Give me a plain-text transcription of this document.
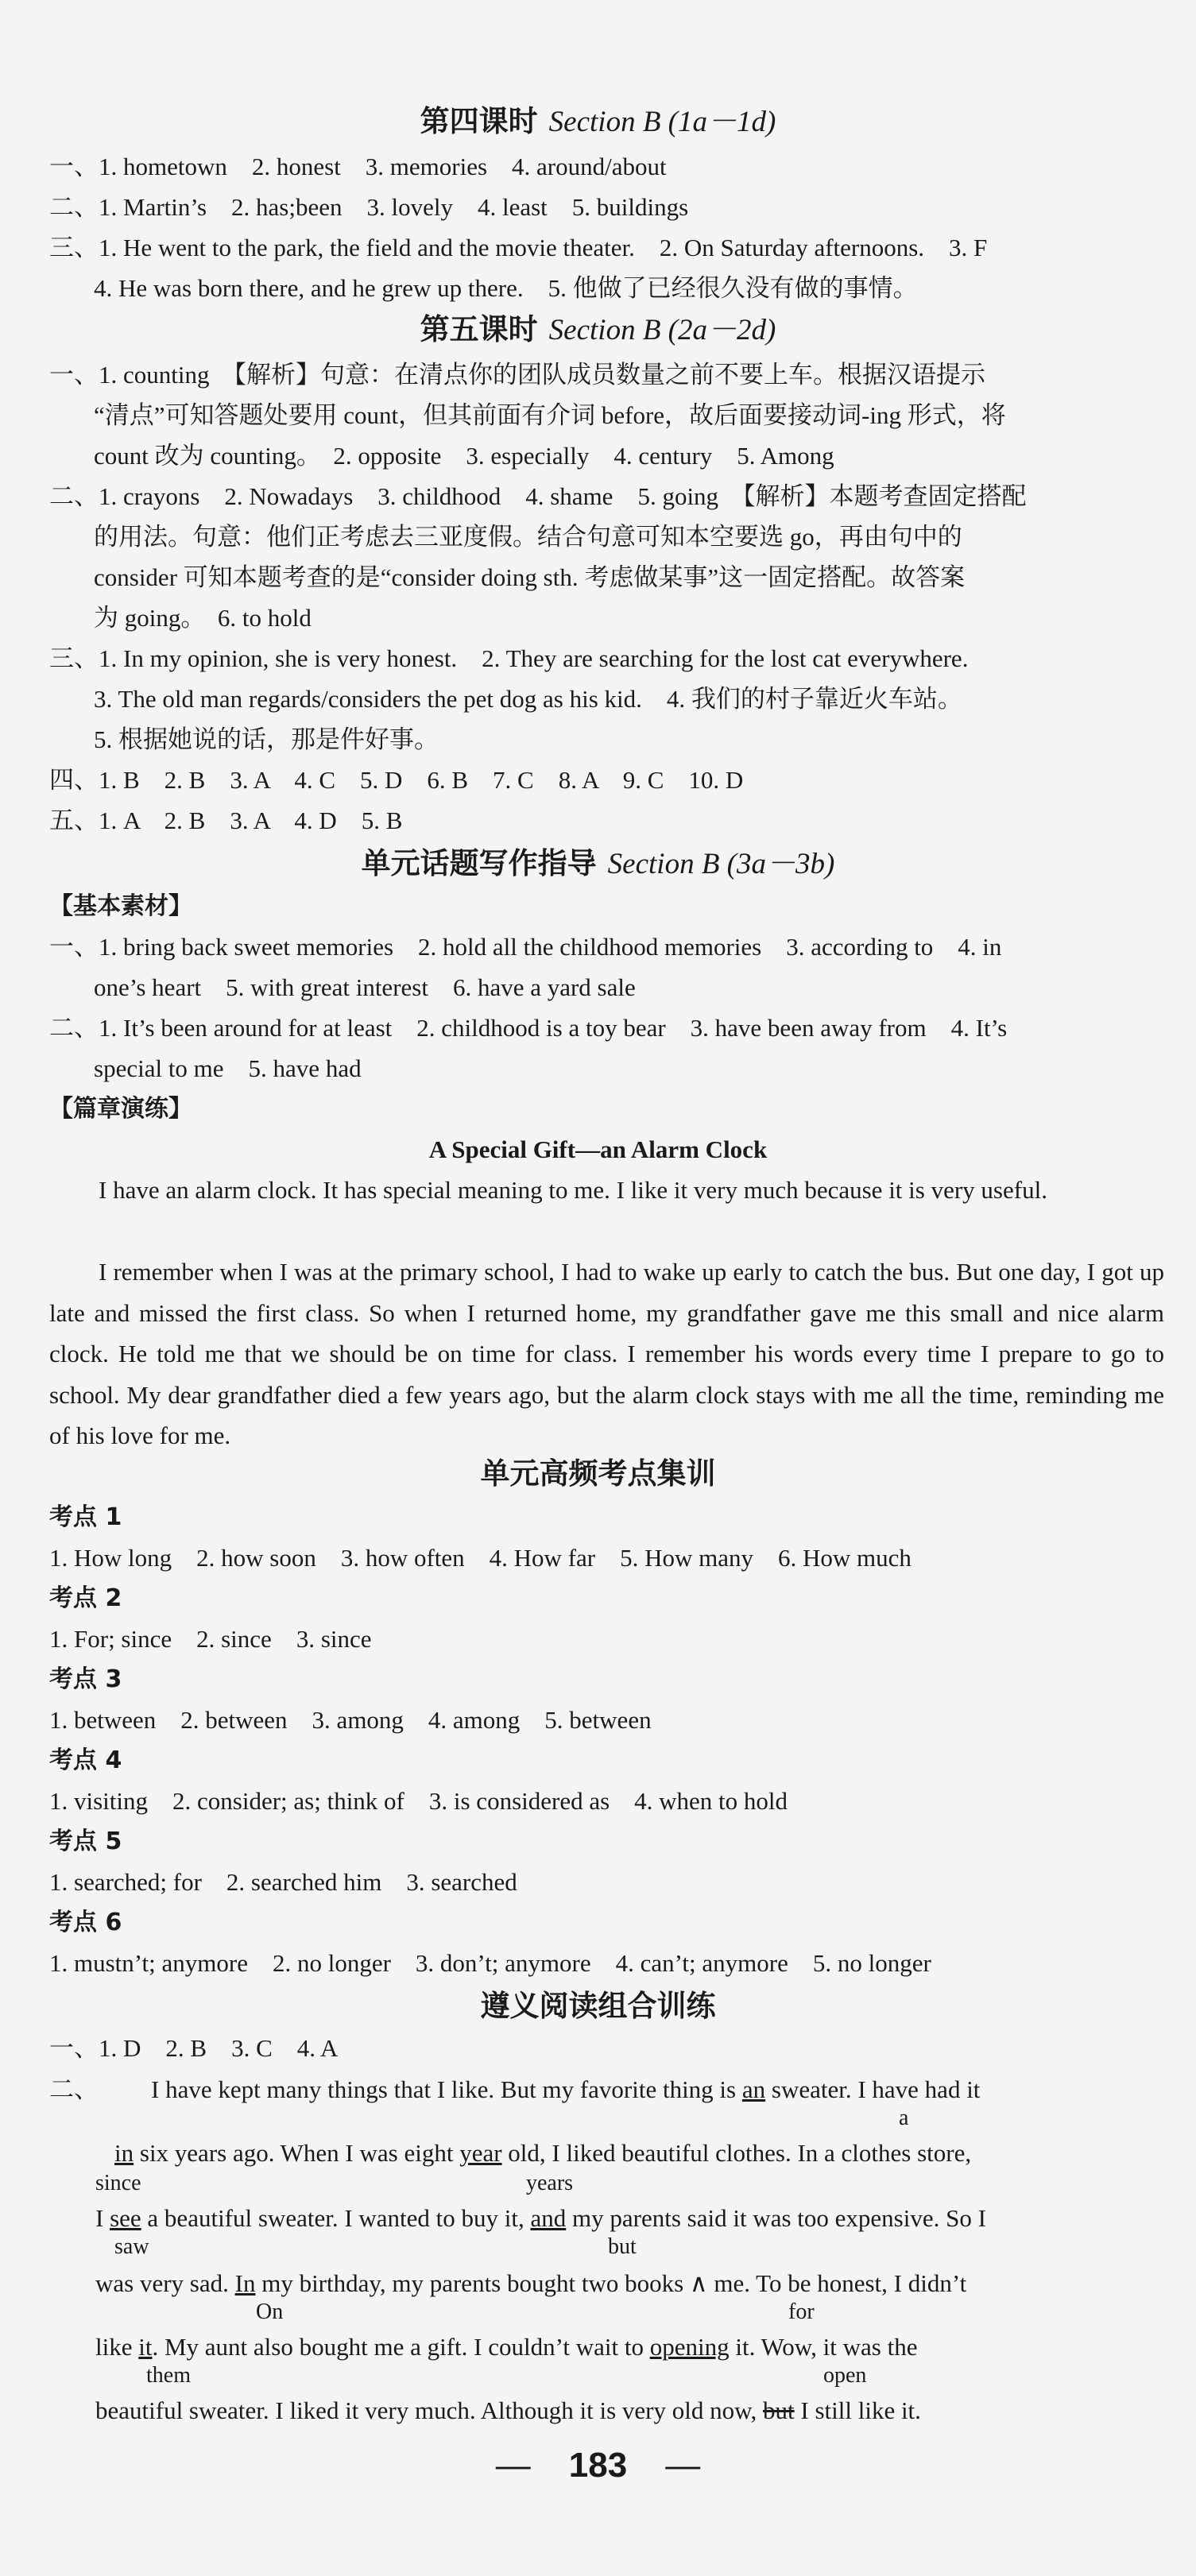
第四课时 Section B (1a－1d)
一、1. hometown　2. honest　3. memories　4. around/about
二、1. Martin’s　2. has;been　3. lovely　4. least　5. buildings
三、1. He went to the park, the field and the movie theater.　2. On Saturday afternoons.　3. F
4. He was born there, and he grew up there.　5. 他做了已经很久没有做的事情。
第五课时 Section B (2a－2d)
一、1. counting　【解析】句意：在清点你的团队成员数量之前不要上车。根据汉语提示
“清点”可知答题处要用 count，但其前面有介词 before，故后面要接动词-ing 形式，将
count 改为 counting。　2. opposite　3. especially　4. century　5. Among
二、1. crayons　2. Nowadays　3. childhood　4. shame　5. going　【解析】本题考查固定搭配
的用法。句意：他们正考虑去三亚度假。结合句意可知本空要选 go，再由句中的
consider 可知本题考查的是“consider doing sth. 考虑做某事”这一固定搭配。故答案
为 going。　6. to hold
三、1. In my opinion, she is very honest.　2. They are searching for the lost cat everywhere.
3. The old man regards/considers the pet dog as his kid.　4. 我们的村子靠近火车站。
5. 根据她说的话，那是件好事。
四、1. B　2. B　3. A　4. C　5. D　6. B　7. C　8. A　9. C　10. D
五、1. A　2. B　3. A　4. D　5. B
单元话题写作指导 Section B (3a－3b)
【基本素材】
一、1. bring back sweet memories　2. hold all the childhood memories　3. according to　4. in
one’s heart　5. with great interest　6. have a yard sale
二、1. It’s been around for at least　2. childhood is a toy bear　3. have been away from　4. It’s
special to me　5. have had
【篇章演练】
A Special Gift—an Alarm Clock
I have an alarm clock. It has special meaning to me. I like it very much because it is very useful.
I remember when I was at the primary school, I had to wake up early to catch the bus. But one day, I got up late and missed the first class. So when I returned home, my grandfather gave me this small and nice alarm clock. He told me that we should be on time for class. I remember his words every time I prepare to go to school. My dear grandfather died a few years ago, but the alarm clock stays with me all the time, reminding me of his love for me.
单元高频考点集训
考点 1
1. How long　2. how soon　3. how often　4. How far　5. How many　6. How much
考点 2
1. For; since　2. since　3. since
考点 3
1. between　2. between　3. among　4. among　5. between
考点 4
1. visiting　2. consider; as; think of　3. is considered as　4. when to hold
考点 5
1. searched; for　2. searched him　3. searched
考点 6
1. mustn’t; anymore　2. no longer　3. don’t; anymore　4. can’t; anymore　5. no longer
遵义阅读组合训练
一、1. D　2. B　3. C　4. A
二、	I have kept many things that I like. But my favorite thing is an sweater. I have had it
a
in six years ago. When I was eight year old, I liked beautiful clothes. In a clothes store,
since	years
I see a beautiful sweater. I wanted to buy it, and my parents said it was too expensive. So I
saw	but
was very sad. In my birthday, my parents bought two books ∧ me. To be honest, I didn’t
On	for
like it. My aunt also bought me a gift. I couldn’t wait to opening it. Wow, it was the
them	open
beautiful sweater. I liked it very much. Although it is very old now, but I still like it.
— 183 —
